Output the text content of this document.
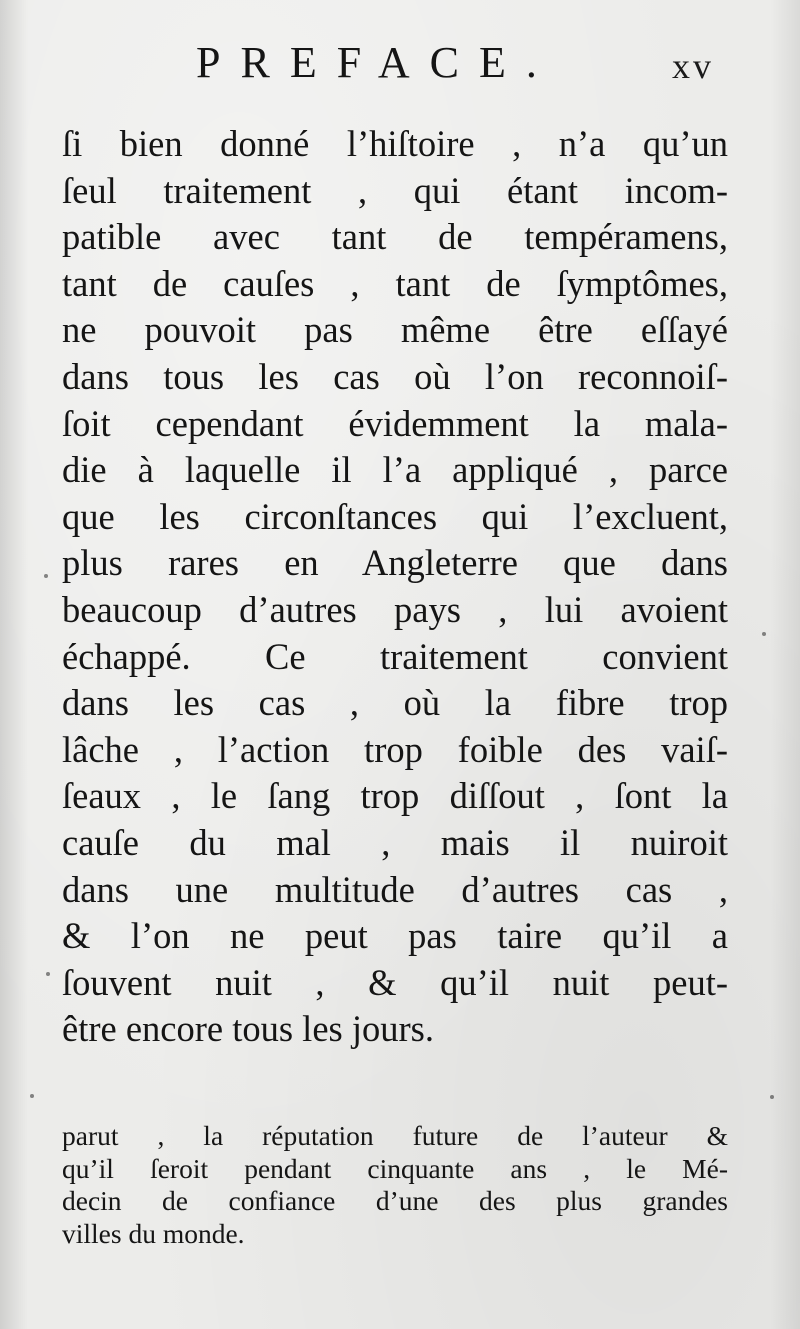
PREFACE.	xv
ſi bien donné l’hiſtoire , n’a qu’un
ſeul traitement , qui étant incom-
patible avec tant de tempéramens,
tant de cauſes , tant de ſymptômes,
ne pouvoit pas même être eſſayé
dans tous les cas où l’on reconnoiſ-
ſoit cependant évidemment la mala-
die à laquelle il l’a appliqué , parce
que les circonſtances qui l’excluent,
plus rares en Angleterre que dans
beaucoup d’autres pays , lui avoient
échappé. Ce traitement convient
dans les cas , où la fibre trop
lâche , l’action trop foible des vaiſ-
ſeaux , le ſang trop diſſout , ſont la
cauſe du mal , mais il nuiroit
dans une multitude d’autres cas ,
& l’on ne peut pas taire qu’il a
ſouvent nuit , & qu’il nuit peut-
être encore tous les jours.
parut , la réputation future de l’auteur &
qu’il ſeroit pendant cinquante ans , le Mé-
decin de confiance d’une des plus grandes
villes du monde.
